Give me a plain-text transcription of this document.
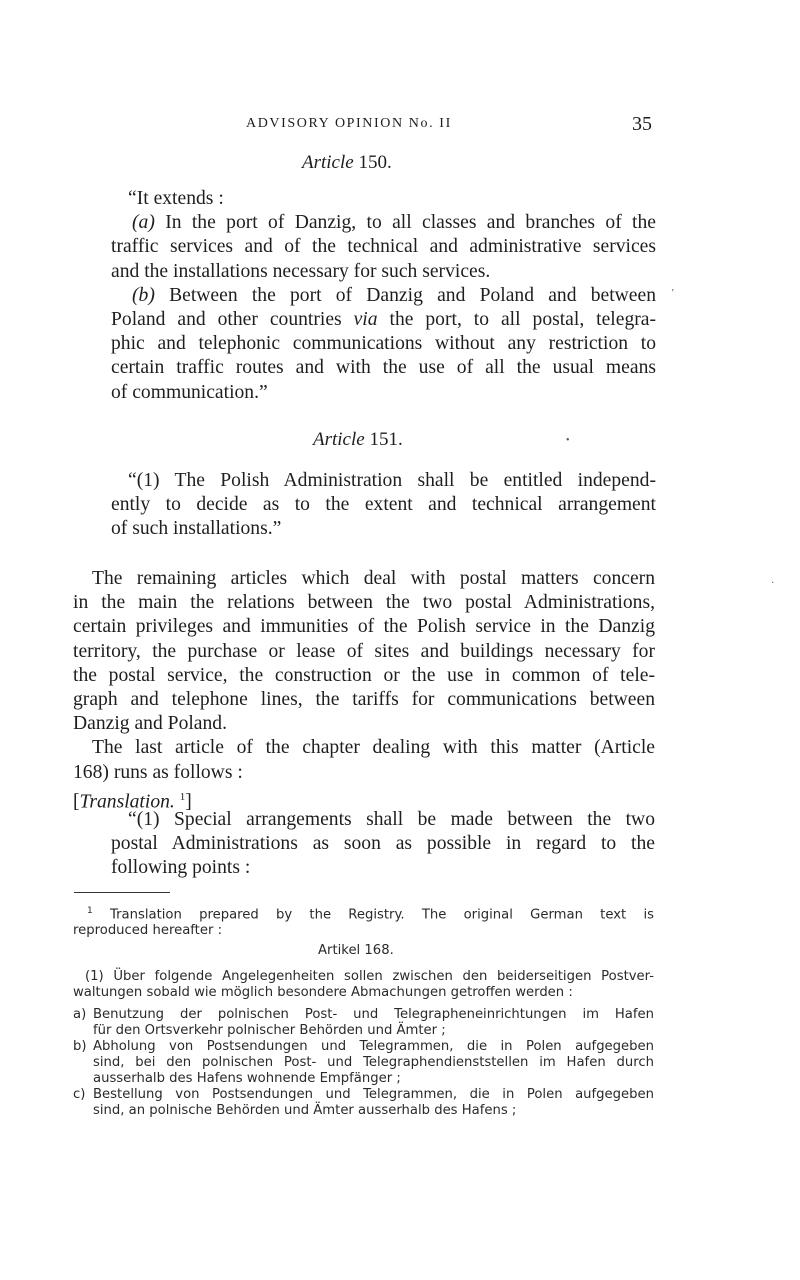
ADVISORY OPINION No. II	35
Article 150.
“It extends :
(a) In the port of Danzig, to all classes and branches of the
traffic services and of the technical and administrative services
and the installations necessary for such services.
(b) Between the port of Danzig and Poland and between
Poland and other countries via the port, to all postal, telegra-
phic and telephonic communications without any restriction to
certain traffic routes and with the use of all the usual means
of communication.”
Article 151.
“(1) The Polish Administration shall be entitled independ-
ently to decide as to the extent and technical arrangement
of such installations.”
The remaining articles which deal with postal matters concern
in the main the relations between the two postal Administrations,
certain privileges and immunities of the Polish service in the Danzig
territory, the purchase or lease of sites and buildings necessary for
the postal service, the construction or the use in common of tele-
graph and telephone lines, the tariffs for communications between
Danzig and Poland.
The last article of the chapter dealing with this matter (Article
168) runs as follows :
[Translation. $^1$]
“(1) Special arrangements shall be made between the two
postal Administrations as soon as possible in regard to the
following points :
$^1$ Translation prepared by the Registry. The original German text is
reproduced hereafter :
Artikel 168.
(1) Über folgende Angelegenheiten sollen zwischen den beiderseitigen Postver-
waltungen sobald wie möglich besondere Abmachungen getroffen werden :
a) Benutzung der polnischen Post- und Telegrapheneinrichtungen im Hafen
für den Ortsverkehr polnischer Behörden und Ämter ;
b) Abholung von Postsendungen und Telegrammen, die in Polen aufgegeben
sind, bei den polnischen Post- und Telegraphendienststellen im Hafen durch
ausserhalb des Hafens wohnende Empfänger ;
c) Bestellung von Postsendungen und Telegrammen, die in Polen aufgegeben
sind, an polnische Behörden und Ämter ausserhalb des Hafens ;
’
•
·
